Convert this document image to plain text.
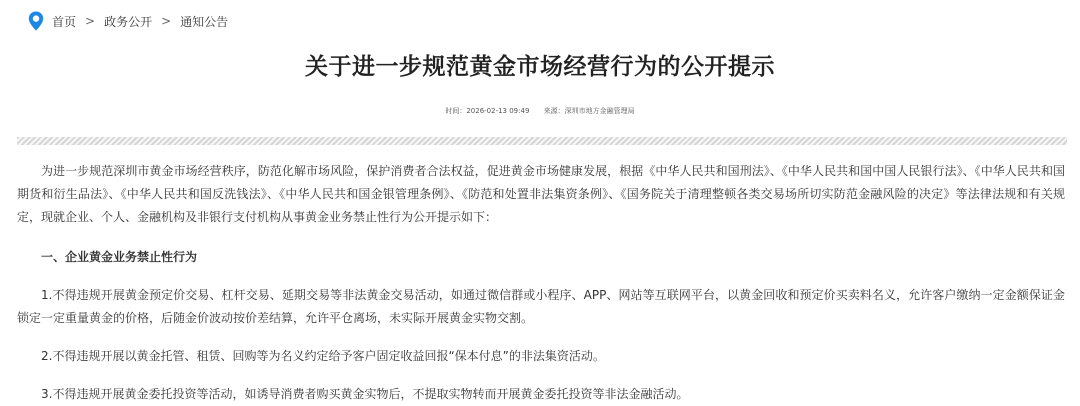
首页 > 政务公开 > 通知公告
关于进一步规范黄金市场经营行为的公开提示
时间：2026-02-13 09:49 来源：深圳市地方金融管理局

为进一步规范深圳市黄金市场经营秩序，防范化解市场风险，保护消费者合法权益，促进黄金市场健康发展，根据《中华人民共和国刑法》、《中华人民共和国中国人民银行法》、《中华人民共和国期货和衍生品法》、《中华人民共和国反洗钱法》、《中华人民共和国金银管理条例》、《防范和处置非法集资条例》、《国务院关于清理整顿各类交易场所切实防范金融风险的决定》等法律法规和有关规定，现就企业、个人、金融机构及非银行支付机构从事黄金业务禁止性行为公开提示如下：

一、企业黄金业务禁止性行为

1.不得违规开展黄金预定价交易、杠杆交易、延期交易等非法黄金交易活动，如通过微信群或小程序、APP、网站等互联网平台，以黄金回收和预定价买卖料名义，允许客户缴纳一定金额保证金锁定一定重量黄金的价格，后随金价波动按价差结算，允许平仓离场，未实际开展黄金实物交割。

2.不得违规开展以黄金托管、租赁、回购等为名义约定给予客户固定收益回报“保本付息”的非法集资活动。

3.不得违规开展黄金委托投资等活动，如诱导消费者购买黄金实物后，不提取实物转而开展黄金委托投资等非法金融活动。
